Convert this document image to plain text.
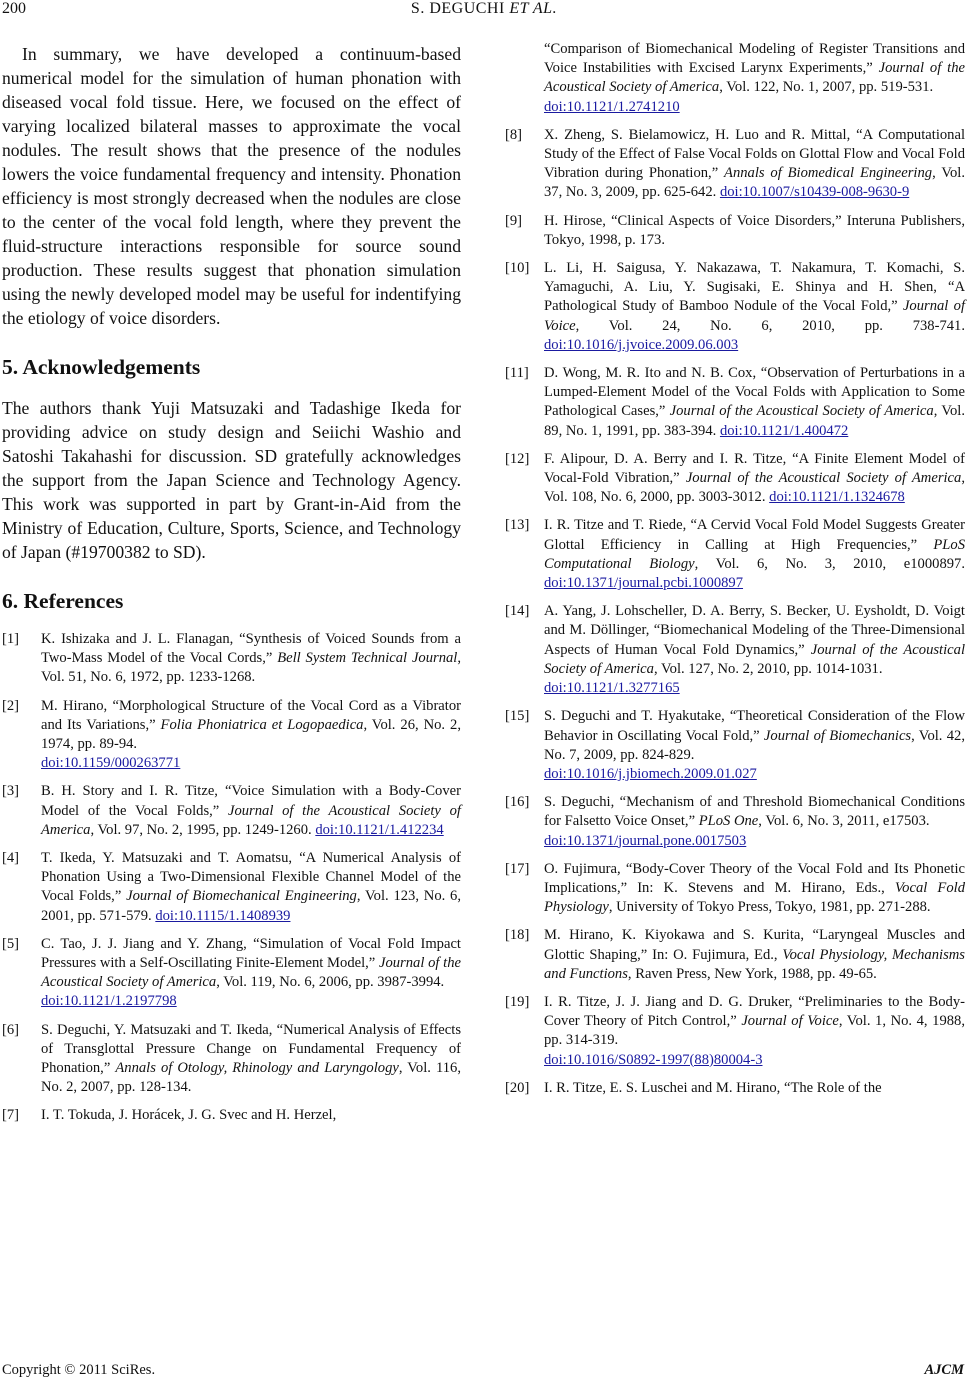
200	S. DEGUCHI ET AL.

In summary, we have developed a continuum-based numerical model for the simulation of human phonation with diseased vocal fold tissue. Here, we focused on the effect of varying localized bilateral masses to approximate the vocal nodules. The result shows that the presence of the nodules lowers the voice fundamental frequency and intensity. Phonation efficiency is most strongly decreased when the nodules are close to the center of the vocal fold length, where they prevent the fluid-structure interactions responsible for source sound production. These results suggest that phonation simulation using the newly developed model may be useful for indentifying the etiology of voice disorders.

5. Acknowledgements

The authors thank Yuji Matsuzaki and Tadashige Ikeda for providing advice on study design and Seiichi Washio and Satoshi Takahashi for discussion. SD gratefully acknowledges the support from the Japan Science and Technology Agency. This work was supported in part by Grant-in-Aid from the Ministry of Education, Culture, Sports, Science, and Technology of Japan (#19700382 to SD).

6. References
[1]	K. Ishizaka and J. L. Flanagan, “Synthesis of Voiced Sounds from a Two-Mass Model of the Vocal Cords,” Bell System Technical Journal, Vol. 51, No. 6, 1972, pp. 1233-1268.
[2]	M. Hirano, “Morphological Structure of the Vocal Cord as a Vibrator and Its Variations,” Folia Phoniatrica et Logopaedica, Vol. 26, No. 2, 1974, pp. 89-94.
doi:10.1159/000263771
[3]	B. H. Story and I. R. Titze, “Voice Simulation with a Body-Cover Model of the Vocal Folds,” Journal of the Acoustical Society of America, Vol. 97, No. 2, 1995, pp. 1249-1260. doi:10.1121/1.412234
[4]	T. Ikeda, Y. Matsuzaki and T. Aomatsu, “A Numerical Analysis of Phonation Using a Two-Dimensional Flexible Channel Model of the Vocal Folds,” Journal of Biomechanical Engineering, Vol. 123, No. 6, 2001, pp. 571-579. doi:10.1115/1.1408939
[5]	C. Tao, J. J. Jiang and Y. Zhang, “Simulation of Vocal Fold Impact Pressures with a Self-Oscillating Finite-Element Model,” Journal of the Acoustical Society of America, Vol. 119, No. 6, 2006, pp. 3987-3994.
doi:10.1121/1.2197798
[6]	S. Deguchi, Y. Matsuzaki and T. Ikeda, “Numerical Analysis of Effects of Transglottal Pressure Change on Fundamental Frequency of Phonation,” Annals of Otology, Rhinology and Laryngology, Vol. 116, No. 2, 2007, pp. 128-134.
[7]	I. T. Tokuda, J. Horácek, J. G. Svec and H. Herzel,
“Comparison of Biomechanical Modeling of Register Transitions and Voice Instabilities with Excised Larynx Experiments,” Journal of the Acoustical Society of America, Vol. 122, No. 1, 2007, pp. 519-531.
doi:10.1121/1.2741210
[8]	X. Zheng, S. Bielamowicz, H. Luo and R. Mittal, “A Computational Study of the Effect of False Vocal Folds on Glottal Flow and Vocal Fold Vibration during Phonation,” Annals of Biomedical Engineering, Vol. 37, No. 3, 2009, pp. 625-642. doi:10.1007/s10439-008-9630-9
[9]	H. Hirose, “Clinical Aspects of Voice Disorders,” Interuna Publishers, Tokyo, 1998, p. 173.
[10]	L. Li, H. Saigusa, Y. Nakazawa, T. Nakamura, T. Komachi, S. Yamaguchi, A. Liu, Y. Sugisaki, E. Shinya and H. Shen, “A Pathological Study of Bamboo Nodule of the Vocal Fold,” Journal of Voice, Vol. 24, No. 6, 2010, pp. 738-741. doi:10.1016/j.jvoice.2009.06.003
[11]	D. Wong, M. R. Ito and N. B. Cox, “Observation of Perturbations in a Lumped-Element Model of the Vocal Folds with Application to Some Pathological Cases,” Journal of the Acoustical Society of America, Vol. 89, No. 1, 1991, pp. 383-394. doi:10.1121/1.400472
[12]	F. Alipour, D. A. Berry and I. R. Titze, “A Finite Element Model of Vocal-Fold Vibration,” Journal of the Acoustical Society of America, Vol. 108, No. 6, 2000, pp. 3003-3012. doi:10.1121/1.1324678
[13]	I. R. Titze and T. Riede, “A Cervid Vocal Fold Model Suggests Greater Glottal Efficiency in Calling at High Frequencies,” PLoS Computational Biology, Vol. 6, No. 3, 2010, e1000897. doi:10.1371/journal.pcbi.1000897
[14]	A. Yang, J. Lohscheller, D. A. Berry, S. Becker, U. Eysholdt, D. Voigt and M. Döllinger, “Biomechanical Modeling of the Three-Dimensional Aspects of Human Vocal Fold Dynamics,” Journal of the Acoustical Society of America, Vol. 127, No. 2, 2010, pp. 1014-1031.
doi:10.1121/1.3277165
[15]	S. Deguchi and T. Hyakutake, “Theoretical Consideration of the Flow Behavior in Oscillating Vocal Fold,” Journal of Biomechanics, Vol. 42, No. 7, 2009, pp. 824-829.
doi:10.1016/j.jbiomech.2009.01.027
[16]	S. Deguchi, “Mechanism of and Threshold Biomechanical Conditions for Falsetto Voice Onset,” PLoS One, Vol. 6, No. 3, 2011, e17503.
doi:10.1371/journal.pone.0017503
[17]	O. Fujimura, “Body-Cover Theory of the Vocal Fold and Its Phonetic Implications,” In: K. Stevens and M. Hirano, Eds., Vocal Fold Physiology, University of Tokyo Press, Tokyo, 1981, pp. 271-288.
[18]	M. Hirano, K. Kiyokawa and S. Kurita, “Laryngeal Muscles and Glottic Shaping,” In: O. Fujimura, Ed., Vocal Physiology, Mechanisms and Functions, Raven Press, New York, 1988, pp. 49-65.
[19]	I. R. Titze, J. J. Jiang and D. G. Druker, “Preliminaries to the Body-Cover Theory of Pitch Control,” Journal of Voice, Vol. 1, No. 4, 1988, pp. 314-319.
doi:10.1016/S0892-1997(88)80004-3
[20]	I. R. Titze, E. S. Luschei and M. Hirano, “The Role of the
Copyright © 2011 SciRes.	AJCM
